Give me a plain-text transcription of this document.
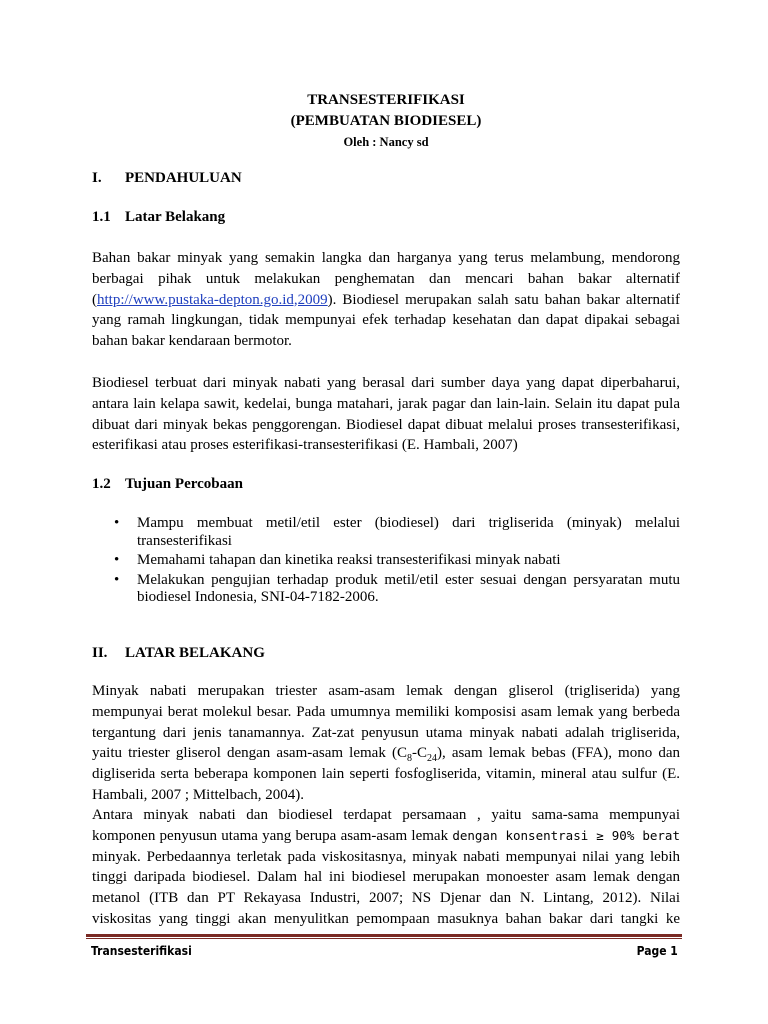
TRANSESTERIFIKASI
(PEMBUATAN BIODIESEL)
Oleh : Nancy sd
I. PENDAHULUAN
1.1 Latar Belakang
Bahan bakar minyak yang semakin langka dan harganya yang terus melambung, mendorong
berbagai pihak untuk melakukan penghematan dan mencari bahan bakar alternatif
(http://www.pustaka-depton.go.id,2009). Biodiesel merupakan salah satu bahan bakar alternatif
yang ramah lingkungan, tidak mempunyai efek terhadap kesehatan dan dapat dipakai sebagai
bahan bakar kendaraan bermotor.
Biodiesel terbuat dari minyak nabati yang berasal dari sumber daya yang dapat diperbaharui,
antara lain kelapa sawit, kedelai, bunga matahari, jarak pagar dan lain-lain. Selain itu dapat pula
dibuat dari minyak bekas penggorengan. Biodiesel dapat dibuat melalui proses transesterifikasi,
esterifikasi atau proses esterifikasi-transesterifikasi (E. Hambali, 2007)
1.2 Tujuan Percobaan
• Mampu membuat metil/etil ester (biodiesel) dari trigliserida (minyak) melalui transesterifikasi
• Memahami tahapan dan kinetika reaksi transesterifikasi minyak nabati
• Melakukan pengujian terhadap produk metil/etil ester sesuai dengan persyaratan mutu biodiesel Indonesia, SNI-04-7182-2006.
II. LATAR BELAKANG
Minyak nabati merupakan triester asam-asam lemak dengan gliserol (trigliserida) yang
mempunyai berat molekul besar. Pada umumnya memiliki komposisi asam lemak yang berbeda
tergantung dari jenis tanamannya. Zat-zat penyusun utama minyak nabati adalah trigliserida,
yaitu triester gliserol dengan asam-asam lemak $(C_8-C_{24})$, asam lemak bebas (FFA), mono dan
digliserida serta beberapa komponen lain seperti fosfogliserida, vitamin, mineral atau sulfur (E.
Hambali, 2007 ; Mittelbach, 2004).
Antara minyak nabati dan biodiesel terdapat persamaan , yaitu sama-sama mempunyai
komponen penyusun utama yang berupa asam-asam lemak dengan konsentrasi ≥ 90% berat
minyak. Perbedaannya terletak pada viskositasnya, minyak nabati mempunyai nilai yang lebih
tinggi daripada biodiesel. Dalam hal ini biodiesel merupakan monoester asam lemak dengan
metanol (ITB dan PT Rekayasa Industri, 2007; NS Djenar dan N. Lintang, 2012). Nilai
viskositas yang tinggi akan menyulitkan pemompaan masuknya bahan bakar dari tangki ke
Transesterifikasi	Page 1
